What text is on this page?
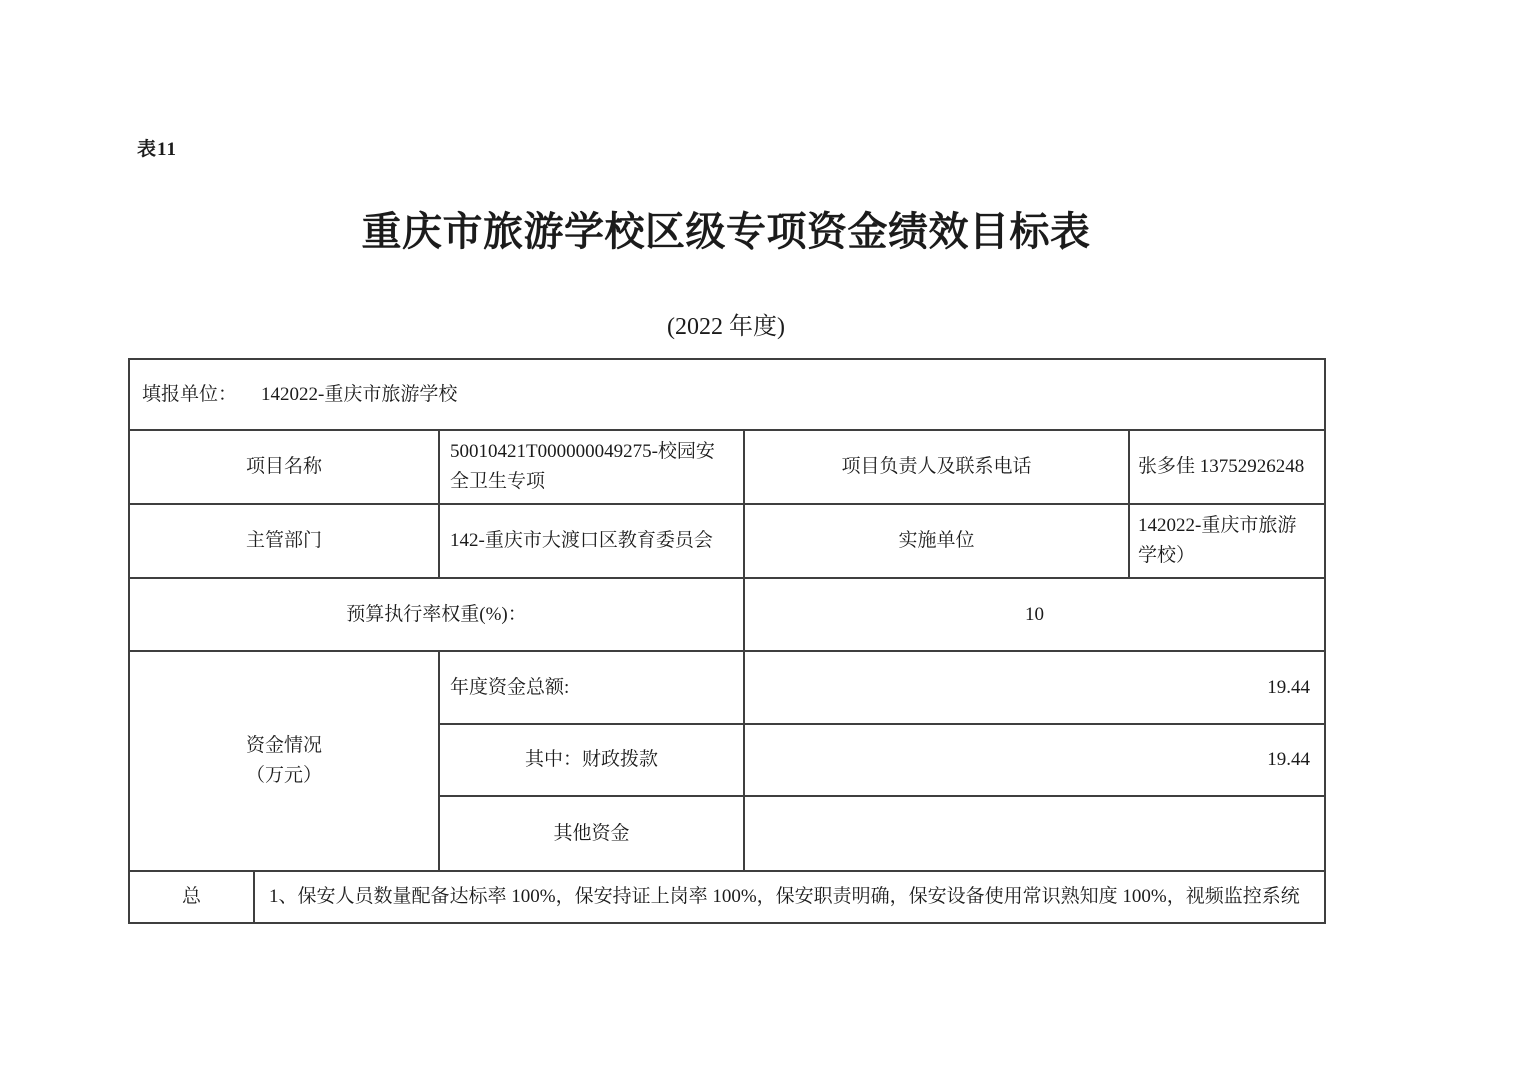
表11
重庆市旅游学校区级专项资金绩效目标表
(2022 年度)
填报单位： 142022-重庆市旅游学校				
项目名称		50010421T000000049275-校园安全卫生专项	项目负责人及联系电话	张多佳 13752926248
主管部门		142-重庆市大渡口区教育委员会	实施单位	142022-重庆市旅游学校）
预算执行率权重(%)：			10	

资金情况
（万元）		年度资金总额:	19.44	
		其中：财政拨款	19.44	
		其他资金		
总	1、保安人员数量配备达标率 100%，保安持证上岗率 100%，保安职责明确，保安设备使用常识熟知度 100%，视频监控系统			
